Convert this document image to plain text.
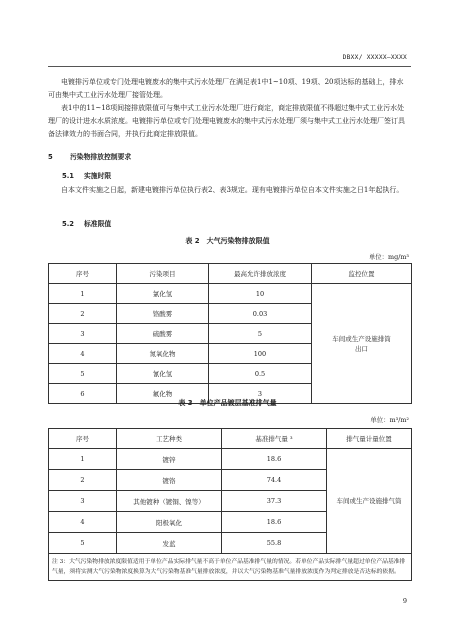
DBXX/ XXXXX—XXXX

电镀排污单位或专门处理电镀废水的集中式污水处理厂在满足表1中1~10项、19项、20项达标的基础上，排水可由集中式工业污水处理厂接管处理。

表1中的11~18项间接排放限值可与集中式工业污水处理厂进行商定，商定排放限值不得超过集中式工业污水处理厂的设计进水水质浓度。电镀排污单位或专门处理电镀废水的集中式污水处理厂须与集中式工业污水处理厂签订具备法律效力的书面合同，并执行此商定排放限值。

5	污染物排放控制要求
5.1 实施时限

自本文件实施之日起，新建电镀排污单位执行表2、表3规定。现有电镀排污单位自本文件实施之日1年起执行。

5.2 标准限值
表 2　大气污染物排放限值
单位：mg/m³
序号	污染项目	最高允许排放浓度	监控位置
1	氯化氢	10	车间或生产设施排筒出口
2	铬酸雾	0.03	
3	硫酸雾	5	
4	氮氧化物	100	
5	氰化氢	0.5	
6	氟化物	3	
表 3　单位产品镀层基准排气量
单位：m³/m²
序号	工艺种类	基准排气量 ³	排气量计量位置
1	镀锌	18.6	车间或生产设施排气筒
2	镀铬	74.4	
3	其他镀种（镀铜、镍等）	37.3	
4	阳极氧化	18.6	
5	发蓝	55.8	
注 3：大气污染物排放浓度限值适用于单位产品实际排气量不高于单位产品基准排气量的情况。若单位产品实际排气量超过单位产品基准排气量，须将实测大气污染物浓度换算为大气污染物基准气量排放浓度，并以大气污染物基准气量排放浓度作为判定排放是否达标的依据。			
9
